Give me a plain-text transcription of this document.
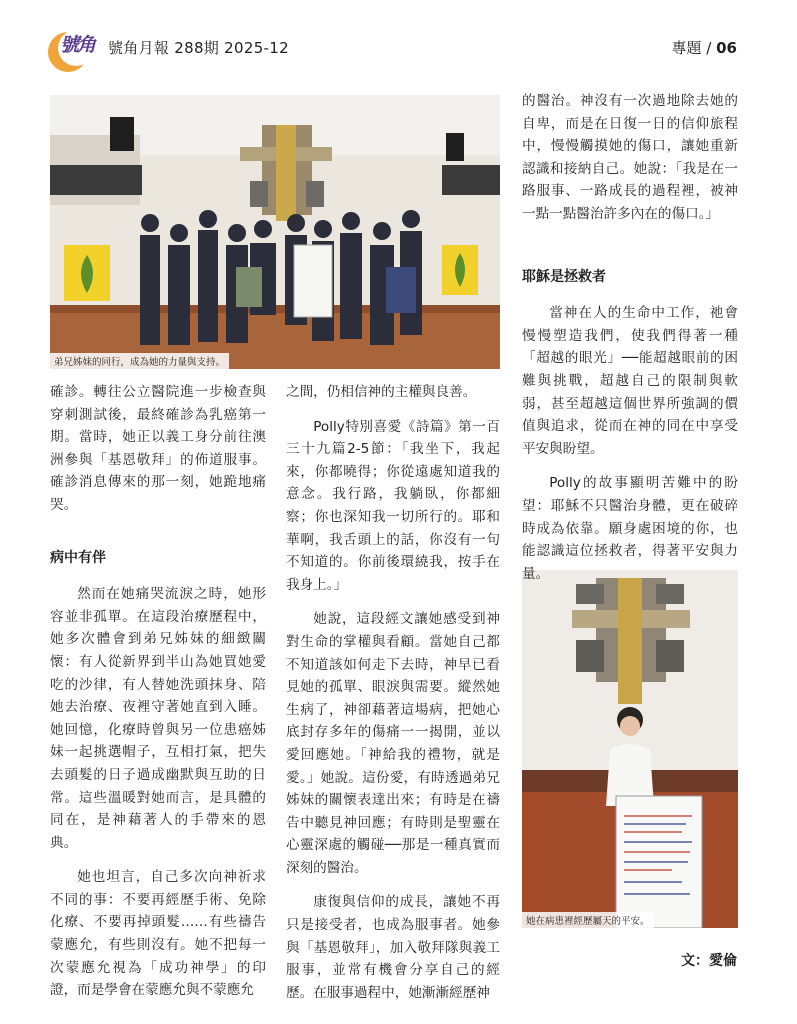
號角 號角月報 288期 2025-12	專題 / 06
弟兄姊妹的同行，成為她的力量與支持。
她在病患裡經歷屬天的平安。

確診。轉往公立醫院進一步檢查與穿刺測試後，最終確診為乳癌第一期。當時，她正以義工身分前往澳洲參與「基恩敬拜」的佈道服事。確診消息傳來的那一刻，她跪地痛哭。

病中有伴

然而在她痛哭流淚之時，她形容並非孤單。在這段治療歷程中，她多次體會到弟兄姊妹的細緻關懷：有人從新界到半山為她買她愛吃的沙律，有人替她洗頭抹身、陪她去治療、夜裡守著她直到入睡。她回憶，化療時曾與另一位患癌姊妹一起挑選帽子，互相打氣，把失去頭髮的日子過成幽默與互助的日常。這些溫暖對她而言，是具體的同在，是神藉著人的手帶來的恩典。

她也坦言，自己多次向神祈求不同的事：不要再經歷手術、免除化療、不要再掉頭髮……有些禱告蒙應允，有些則沒有。她不把每一次蒙應允視為「成功神學」的印證，而是學會在蒙應允與不蒙應允

之間，仍相信神的主權與良善。

Polly特別喜愛《詩篇》第一百三十九篇2-5節：「我坐下，我起來，你都曉得；你從遠處知道我的意念。我行路，我躺臥，你都細察；你也深知我一切所行的。耶和華啊，我舌頭上的話，你沒有一句不知道的。你前後環繞我，按手在我身上。」

她說，這段經文讓她感受到神對生命的掌權與看顧。當她自己都不知道該如何走下去時，神早已看見她的孤單、眼淚與需要。縱然她生病了，神卻藉著這場病，把她心底封存多年的傷痛一一揭開，並以愛回應她。「神給我的禮物，就是愛。」她說。這份愛，有時透過弟兄姊妹的關懷表達出來；有時是在禱告中聽見神回應；有時則是聖靈在心靈深處的觸碰──那是一種真實而深刻的醫治。

康復與信仰的成長，讓她不再只是接受者，也成為服事者。她參與「基恩敬拜」，加入敬拜隊與義工服事，並常有機會分享自己的經歷。在服事過程中，她漸漸經歷神

的醫治。神沒有一次過地除去她的自卑，而是在日復一日的信仰旅程中，慢慢觸摸她的傷口，讓她重新認識和接納自己。她說：「我是在一路服事、一路成長的過程裡，被神一點一點醫治許多內在的傷口。」

耶穌是拯救者

當神在人的生命中工作，祂會慢慢塑造我們，使我們得著一種「超越的眼光」──能超越眼前的困難與挑戰，超越自己的限制與軟弱，甚至超越這個世界所強調的價值與追求，從而在神的同在中享受平安與盼望。

Polly的故事顯明苦難中的盼望：耶穌不只醫治身體，更在破碎時成為依靠。願身處困境的你，也能認識這位拯救者，得著平安與力量。

文：愛倫
